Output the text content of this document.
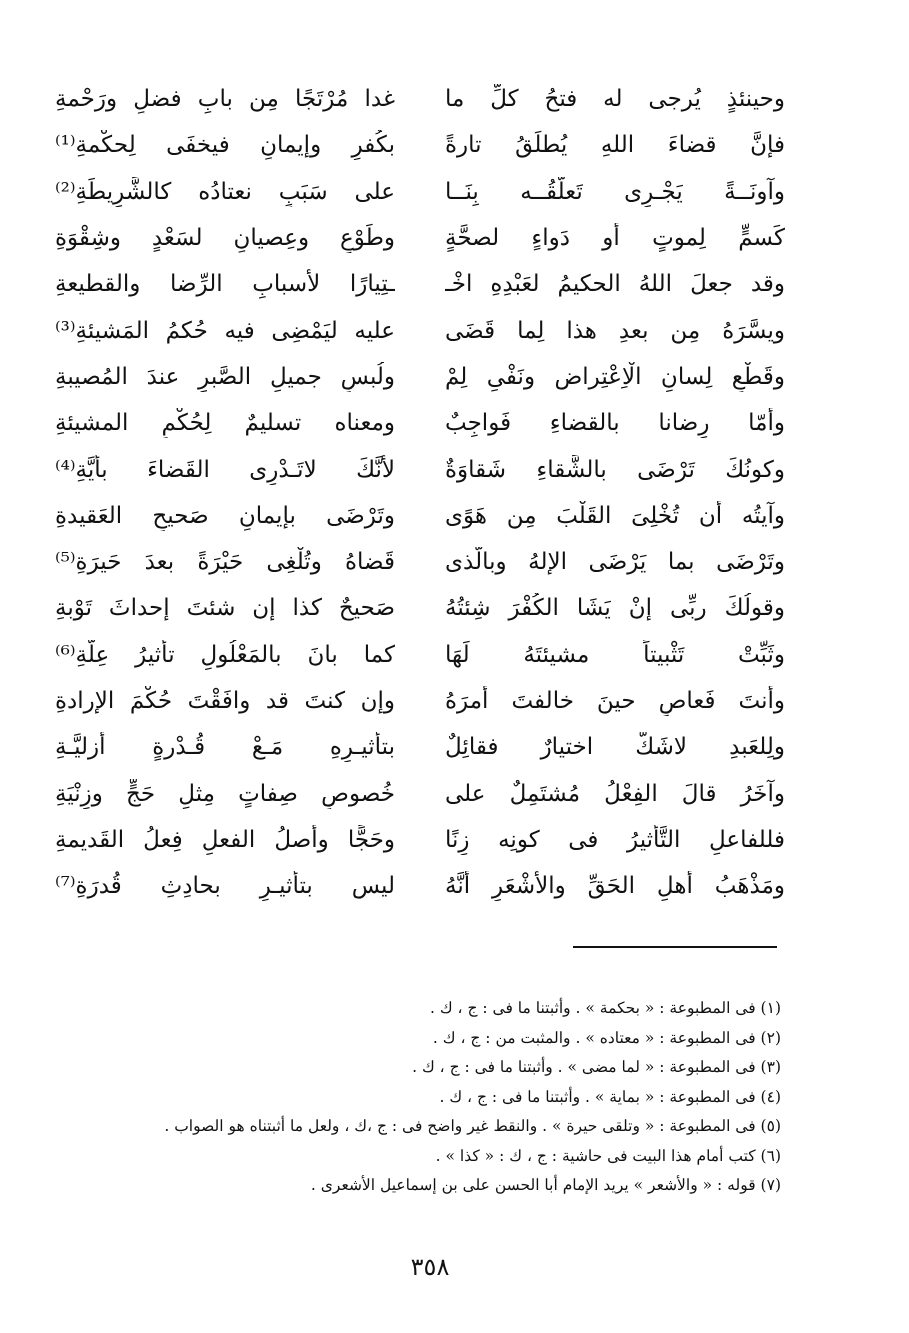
وحينئذٍ يُرجى له فتحُ كلِّ ما
غدا مُرْتَجًا مِن بابِ فضلٍ ورَحْمةِ
فإنَّ قضاءَ اللهِ يُطلَقُ تارةً
بكُفرٍ وإيمانٍ فيخفَى لِحكْمةِ⁽¹⁾
وآونَــةً يَجْـرِى تَعلُّقُــه بِنَــا
على سَبَبٍ نعتادُه كالشَّرِيطَةِ⁽²⁾
كَسمٍّ لِموتٍ أو دَواءٍ لصحَّةٍ
وطَوْعٍ وعِصيانٍ لسَعْدٍ وشِقْوَةِ
وقد جعلَ اللهُ الحكيمُ لعَبْدِهِ اخْـ
ـتِيارًا لأسبابِ الرِّضا والقطيعةِ
ويسَّرَهُ مِن بعدِ هذا لِما قَضَى
عليه ليَمْضِى فيه حُكمُ المَشيئةِ⁽³⁾
وقَطْعِ لِسانِ الْاِعْتِراضِ ونَفْىِ لِمْ
ولُبسِ جميلِ الصَّبرِ عندَ المُصيبةِ
وأمّا رِضانا بالقضاءِ فَواجِبٌ
ومعناه تسليمٌ لِحُكْمِ المشيئةِ
وكونُكَ تَرْضَى بالشَّقاءِ شَقاوَةٌ
لأنَّكَ لاتَـدْرِى القَضاءَ بأيَّةِ⁽⁴⁾
وآيتُه أن تُخْلِىَ القَلْبَ مِن هَوًى
وتَرْضَى بإيمانٍ صَحيحِ العَقيدةِ
وتَرْضَى بما يَرْضَى الإلهُ وبالَّذى
قَضاهُ وتُلْغِى حَيْرَةً بعدَ حَيرَةِ⁽⁵⁾
وقولُكَ ربِّى إنْ يَشَا الكُفْرَ شِئتُهُ
صَحيحٌ كذا إن شئتَ إحداثَ تَوْبةِ
وثَبِّتْ تَثْبيتاً مشيئتَهُ لَهَا
كما بانَ بالمَعْلُولِ تأثيرُ عِلَّةِ⁽⁶⁾
وأنتَ فَعاصٍ حينَ خالفتَ أمرَهُ
وإن كنتَ قد وافَقْتَ حُكْمَ الإرادةِ
ولِلعَبدِ لاشَكَّ اختيارٌ فقائِلٌ
بتأثيـرِهِ مَـعْ قُـدْرةٍ أزليَّـةِ
وآخَرُ قالَ الفِعْلُ مُشتَمِلٌ على
خُصوصِ صِفاتٍ مِثلِ حَجٍّ وزِنْيَةِ
فللفاعلِ التَّأثيرُ فى كونِه زِنًا
وحَجًّا وأصلُ الفعلِ فِعلُ القَديمةِ
ومَذْهَبُ أهلِ الحَقِّ والأَشْعَرِ أنَّهُ
ليس بتأثيـرٍ بحادِثِ قُدرَةِ⁽⁷⁾
(١) فى المطبوعة : « بحكمة » . وأثبتنا ما فى : ج ، ك .
(٢) فى المطبوعة : « معتاده » . والمثبت من : ج ، ك .
(٣) فى المطبوعة : « لما مضى » . وأثبتنا ما فى : ج ، ك .
(٤) فى المطبوعة : « بماية » . وأثبتنا ما فى : ج ، ك .
(٥) فى المطبوعة : « وتلقى حيرة » . والنقط غير واضح فى : ج ،ك ، ولعل ما أثبتناه هو الصواب .
(٦) كتب أمام هذا البيت فى حاشية : ج ، ك : « كذا » .
(٧) قوله : « والأشعر » يريد الإمام أبا الحسن على بن إسماعيل الأشعرى .
٣٥٨
